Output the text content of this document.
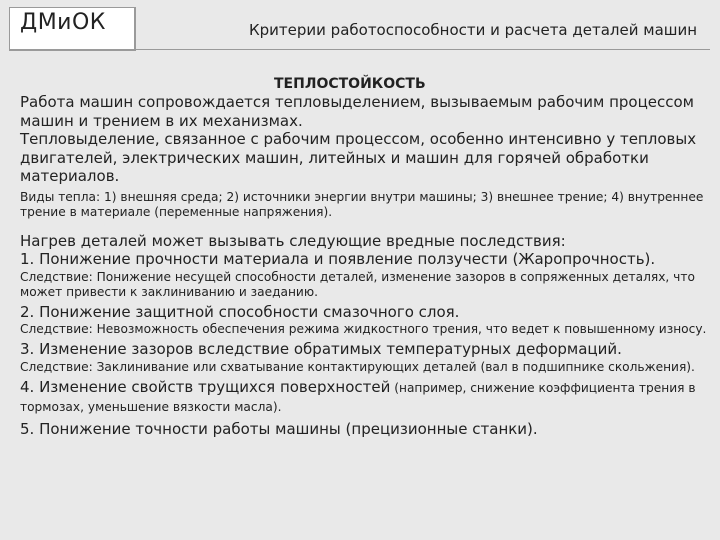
ДМиОК	Критерии работоспособности и расчета деталей машин
ТЕПЛОСТОЙКОСТЬ

Работа машин сопровождается тепловыделением, вызываемым рабочим процессом машин и трением в их механизмах.

Тепловыделение, связанное с рабочим процессом, особенно интенсивно у тепловых двигателей, электрических машин, литейных и машин для горячей обработки материалов.

Виды тепла: 1) внешняя среда; 2) источники энергии внутри машины; 3) внешнее трение; 4) внутреннее трение в материале (переменные напряжения).

Нагрев деталей может вызывать следующие вредные последствия:

1. Понижение прочности материала и появление ползучести (Жаропрочность).

Следствие: Понижение несущей способности деталей, изменение зазоров в сопряженных деталях, что может привести к заклиниванию и заеданию.

2. Понижение защитной способности смазочного слоя.

Следствие: Невозможность обеспечения режима жидкостного трения, что ведет к повышенному износу.

3. Изменение зазоров вследствие обратимых температурных деформаций.

Следствие: Заклинивание или схватывание контактирующих деталей (вал в подшипнике скольжения).

4. Изменение свойств трущихся поверхностей (например, снижение коэффициента трения в тормозах, уменьшение вязкости масла).

5. Понижение точности работы машины (прецизионные станки).
